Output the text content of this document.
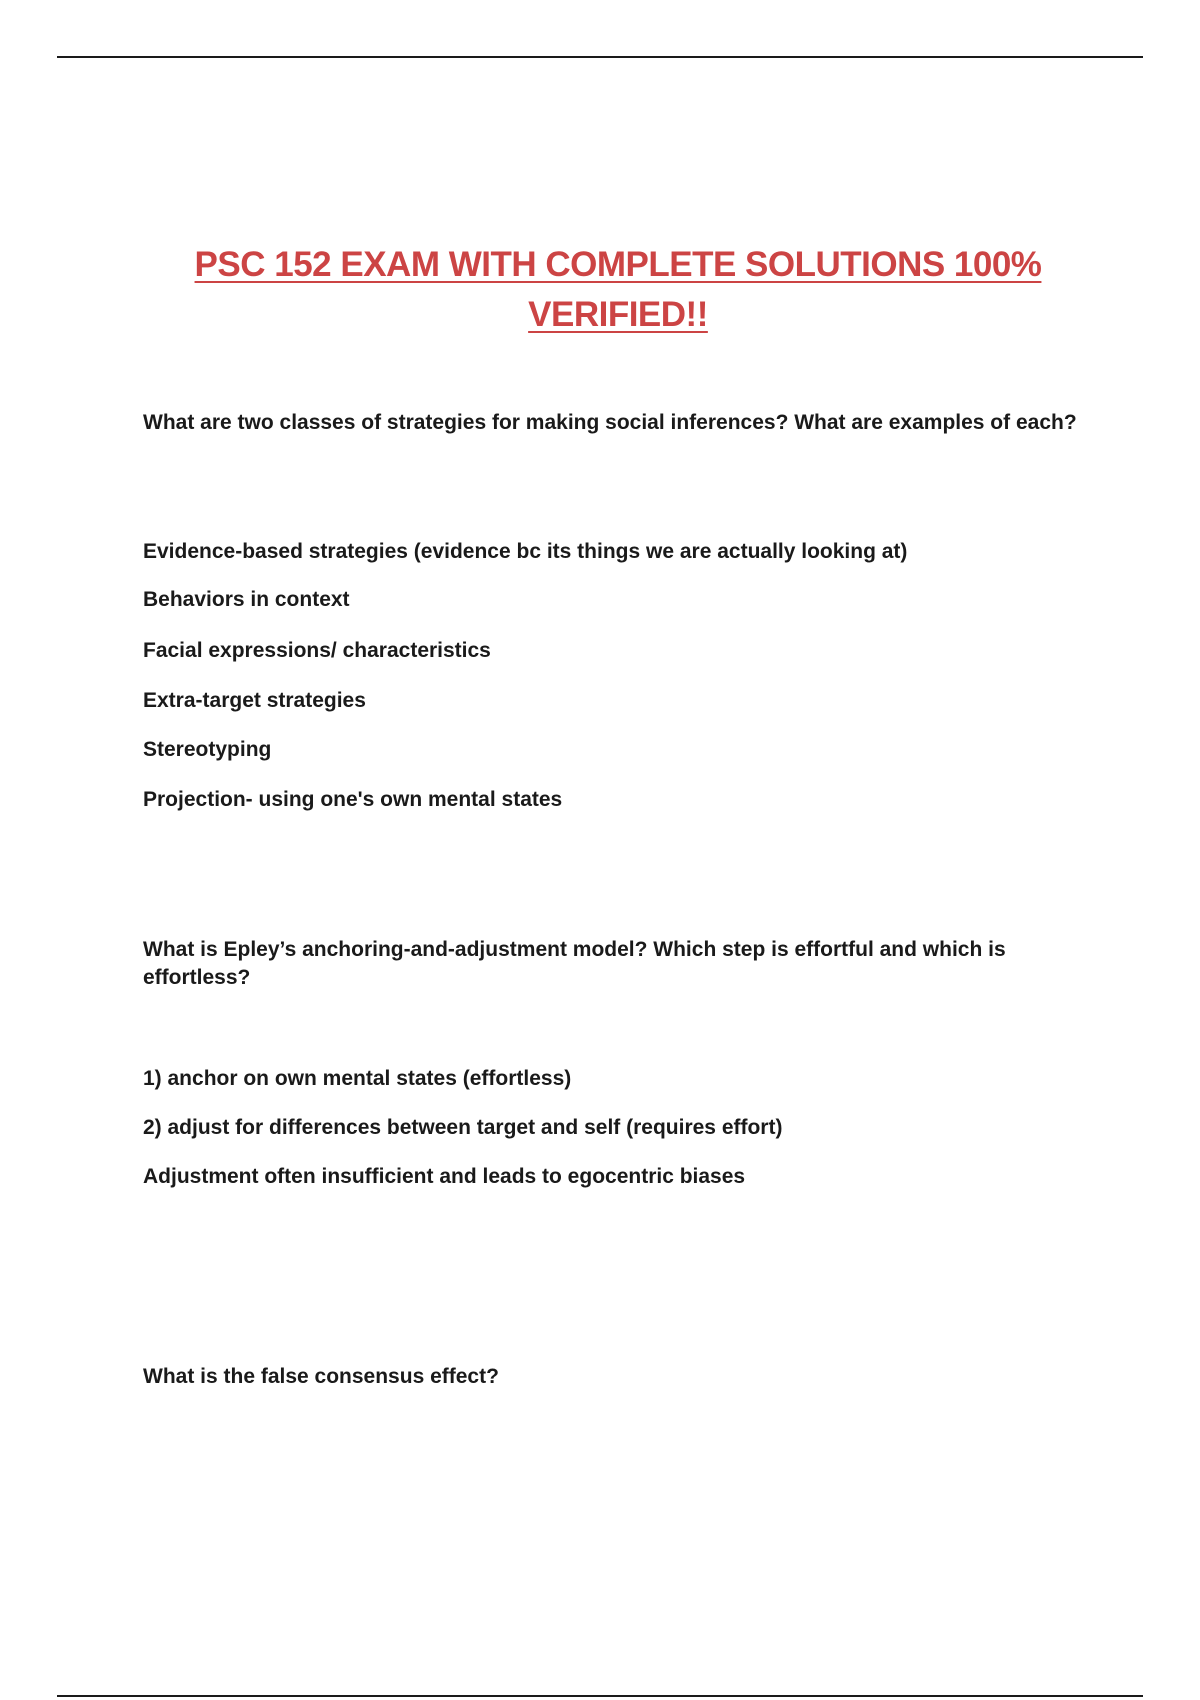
PSC 152 EXAM WITH COMPLETE SOLUTIONS 100% VERIFIED!!

What are two classes of strategies for making social inferences? What are examples of each?

Evidence-based strategies (evidence bc its things we are actually looking at)

Behaviors in context

Facial expressions/ characteristics

Extra-target strategies

Stereotyping

Projection- using one's own mental states

What is Epley’s anchoring-and-adjustment model? Which step is effortful and which is effortless?

1) anchor on own mental states (effortless)

2) adjust for differences between target and self (requires effort)

Adjustment often insufficient and leads to egocentric biases

What is the false consensus effect?
